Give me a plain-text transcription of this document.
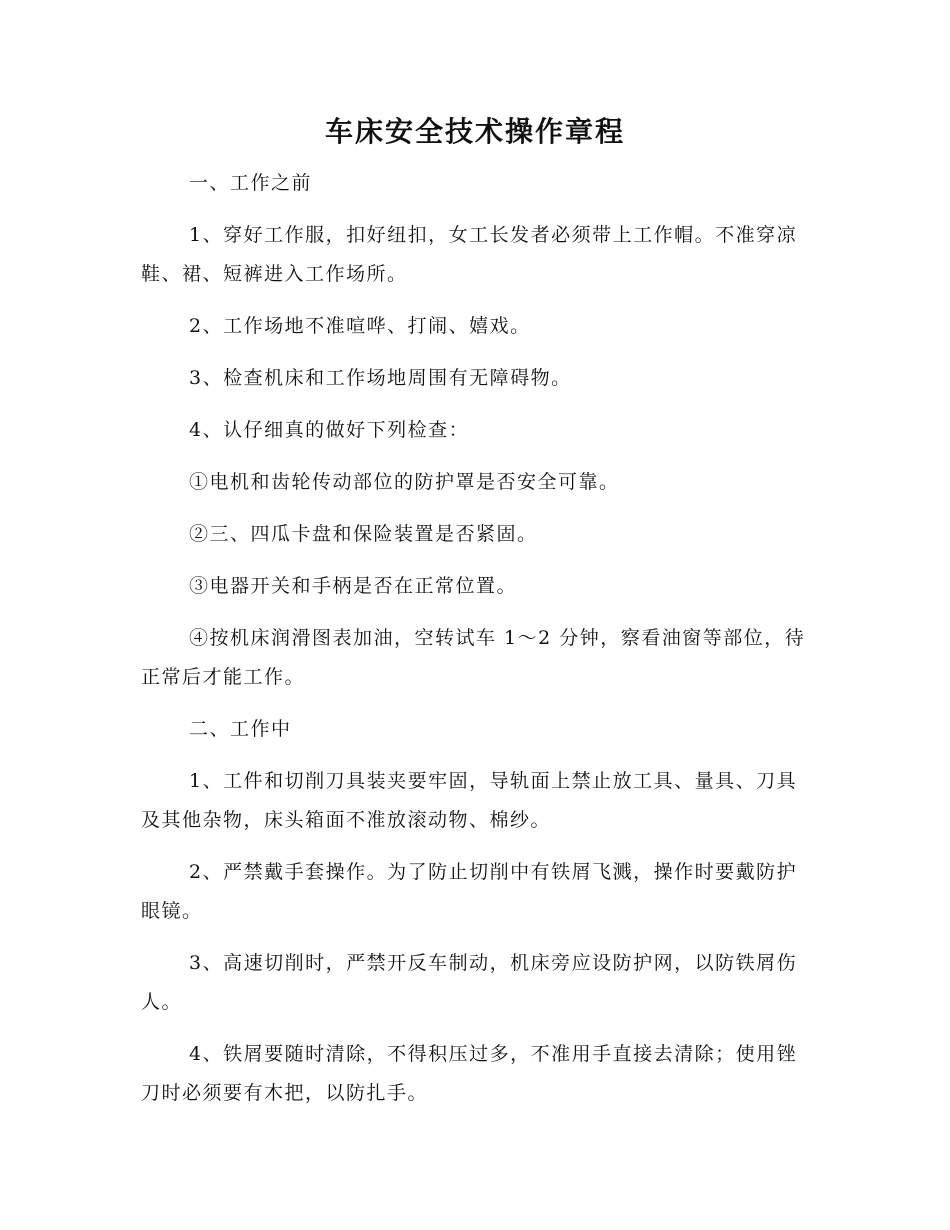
车床安全技术操作章程

一、工作之前

1、穿好工作服，扣好纽扣，女工长发者必须带上工作帽。不准穿凉鞋、裙、短裤进入工作场所。

2、工作场地不准喧哗、打闹、嬉戏。

3、检查机床和工作场地周围有无障碍物。

4、认仔细真的做好下列检查：

①电机和齿轮传动部位的防护罩是否安全可靠。

②三、四瓜卡盘和保险装置是否紧固。

③电器开关和手柄是否在正常位置。

④按机床润滑图表加油，空转试车 1～2 分钟，察看油窗等部位，待正常后才能工作。

二、工作中

1、工件和切削刀具装夹要牢固，导轨面上禁止放工具、量具、刀具及其他杂物，床头箱面不准放滚动物、棉纱。

2、严禁戴手套操作。为了防止切削中有铁屑飞溅，操作时要戴防护眼镜。

3、高速切削时，严禁开反车制动，机床旁应设防护网，以防铁屑伤人。

4、铁屑要随时清除，不得积压过多，不准用手直接去清除；使用锉刀时必须要有木把，以防扎手。
